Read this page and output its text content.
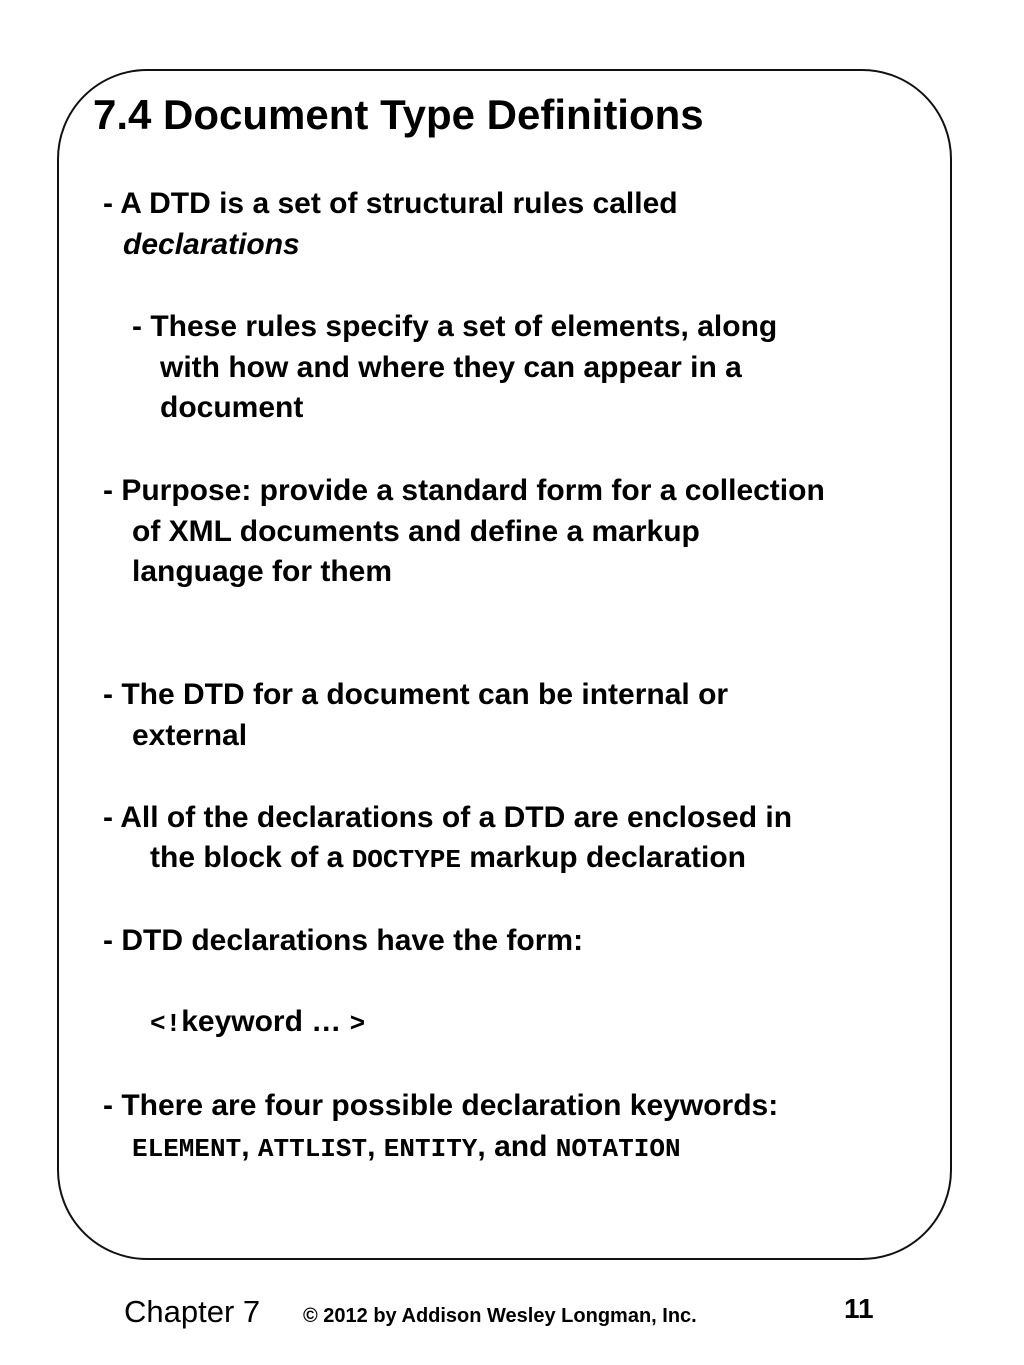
7.4 Document Type Definitions
- A DTD is a set of structural rules called
declarations
- These rules specify a set of elements, along
with how and where they can appear in a
document
- Purpose: provide a standard form for a collection
of XML documents and define a markup
language for them
- The DTD for a document can be internal or
external
- All of the declarations of a DTD are enclosed in
the block of a DOCTYPE markup declaration
- DTD declarations have the form:
<!keyword … >
- There are four possible declaration keywords:
ELEMENT, ATTLIST, ENTITY, and NOTATION
Chapter 7 © 2012 by Addison Wesley Longman, Inc.	11
